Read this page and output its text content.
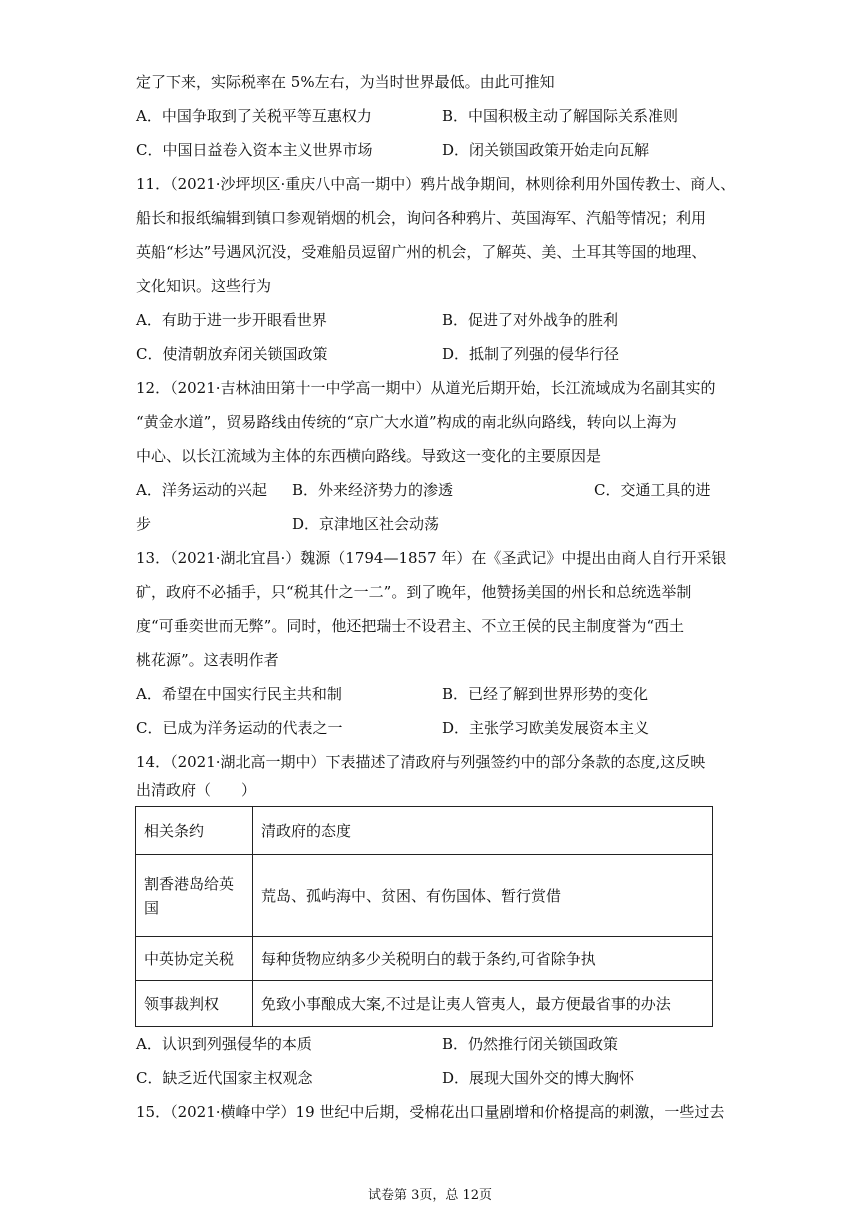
定了下来，实际税率在 5%左右，为当时世界最低。由此可推知
A．中国争取到了关税平等互惠权力	B．中国积极主动了解国际关系准则
C．中国日益卷入资本主义世界市场	D．闭关锁国政策开始走向瓦解
11．（2021·沙坪坝区·重庆八中高一期中）鸦片战争期间，林则徐利用外国传教士、商人、
船长和报纸编辑到镇口参观销烟的机会，询问各种鸦片、英国海军、汽船等情况；利用
英船“杉达”号遇风沉没，受难船员逗留广州的机会，了解英、美、土耳其等国的地理、
文化知识。这些行为
A．有助于进一步开眼看世界	B．促进了对外战争的胜利
C．使清朝放弃闭关锁国政策	D．抵制了列强的侵华行径
12．（2021·吉林油田第十一中学高一期中）从道光后期开始，长江流域成为名副其实的
“黄金水道”，贸易路线由传统的“京广大水道”构成的南北纵向路线，转向以上海为
中心、以长江流域为主体的东西横向路线。导致这一变化的主要原因是
A．洋务运动的兴起 B．外来经济势力的渗透	C．交通工具的进
步	D．京津地区社会动荡
13．（2021·湖北宜昌·）魏源（1794—1857 年）在《圣武记》中提出由商人自行开采银
矿，政府不必插手，只“税其什之一二”。到了晚年，他赞扬美国的州长和总统选举制
度“可垂奕世而无弊”。同时，他还把瑞士不设君主、不立王侯的民主制度誉为“西土
桃花源”。这表明作者
A．希望在中国实行民主共和制	B．已经了解到世界形势的变化
C．已成为洋务运动的代表之一	D．主张学习欧美发展资本主义
14．（2021·湖北高一期中）下表描述了清政府与列强签约中的部分条款的态度,这反映
出清政府（　　）
相关条约	清政府的态度
割香港岛给英国	荒岛、孤屿海中、贫困、有伤国体、暂行赏借
中英协定关税	每种货物应纳多少关税明白的载于条约,可省除争执
领事裁判权	免致小事酿成大案,不过是让夷人管夷人，最方便最省事的办法
A．认识到列强侵华的本质	B．仍然推行闭关锁国政策
C．缺乏近代国家主权观念	D．展现大国外交的博大胸怀
15．（2021·横峰中学）19 世纪中后期，受棉花出口量剧增和价格提高的刺激，一些过去
试卷第 3页，总 12页
